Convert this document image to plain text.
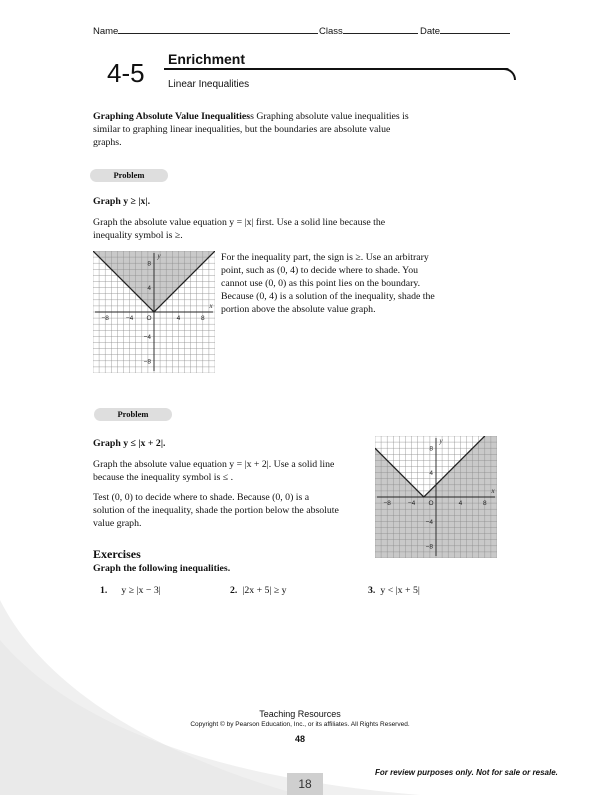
Name	Class	Date
4-5 Enrichment
Linear Inequalities
Graphing Absolute Value Inequalitiess Graphing absolute value inequalities is
similar to graphing linear inequalities, but the boundaries are absolute value
graphs.
Problem
Graph y ≥ |x|.
Graph the absolute value equation y = |x| first. Use a solid line because the
inequality symbol is ≥.
−8	−4	4	8
8
4
−4
−8
O
x
y	For the inequality part, the sign is ≥. Use an arbitrary
point, such as (0, 4) to decide where to shade. You
cannot use (0, 0) as this point lies on the boundary.
Because (0, 4) is a solution of the inequality, shade the
portion above the absolute value graph.
Problem
Graph y ≤ |x + 2|.
Graph the absolute value equation y = |x + 2|. Use a solid line
because the inequality symbol is ≤ .
Test (0, 0) to decide where to shade. Because (0, 0) is a
solution of the inequality, shade the portion below the absolute
value graph.
−8	−4	4	8
8
4
−4
−8
O
x
y
Exercises
Graph the following inequalities.
1. y ≥ |x − 3|	2. |2x + 5| ≥ y	3. y < |x + 5|
Teaching Resources
Copyright © by Pearson Education, Inc., or its affiliates. All Rights Reserved.
48
For review purposes only. Not for sale or resale.
18
